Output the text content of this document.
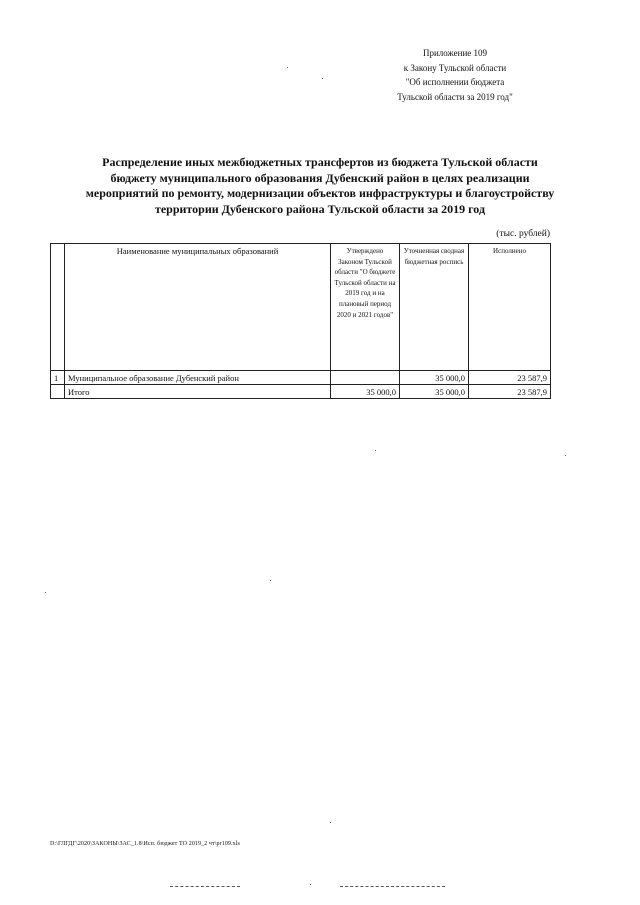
Приложение 109
к Закону Тульской области
"Об исполнении бюджета
Тульской области за 2019 год"
Распределение иных межбюджетных трансфертов из бюджета Тульской области
бюджету муниципального образования Дубенский район в целях реализации
мероприятий по ремонту, модернизации объектов инфраструктуры и благоустройству
территории Дубенского района Тульской области за 2019 год
(тыс. рублей)
	Наименование муниципальных образований	Утверждено Законом Тульской области "О бюджете Тульской области на 2019 год и на плановый период 2020 и 2021 годов"	Уточненная сводная бюджетная роспись	Исполнено
1	Муниципальное образование Дубенский район		35 000,0	23 587,9
	Итого	35 000,0	35 000,0	23 587,9
D:\ГЛГДГ\2020\ЗАКОНЫ\ЗАС_1.8\Исп. бюджет ТО 2019_2 чт\рr109.xls
